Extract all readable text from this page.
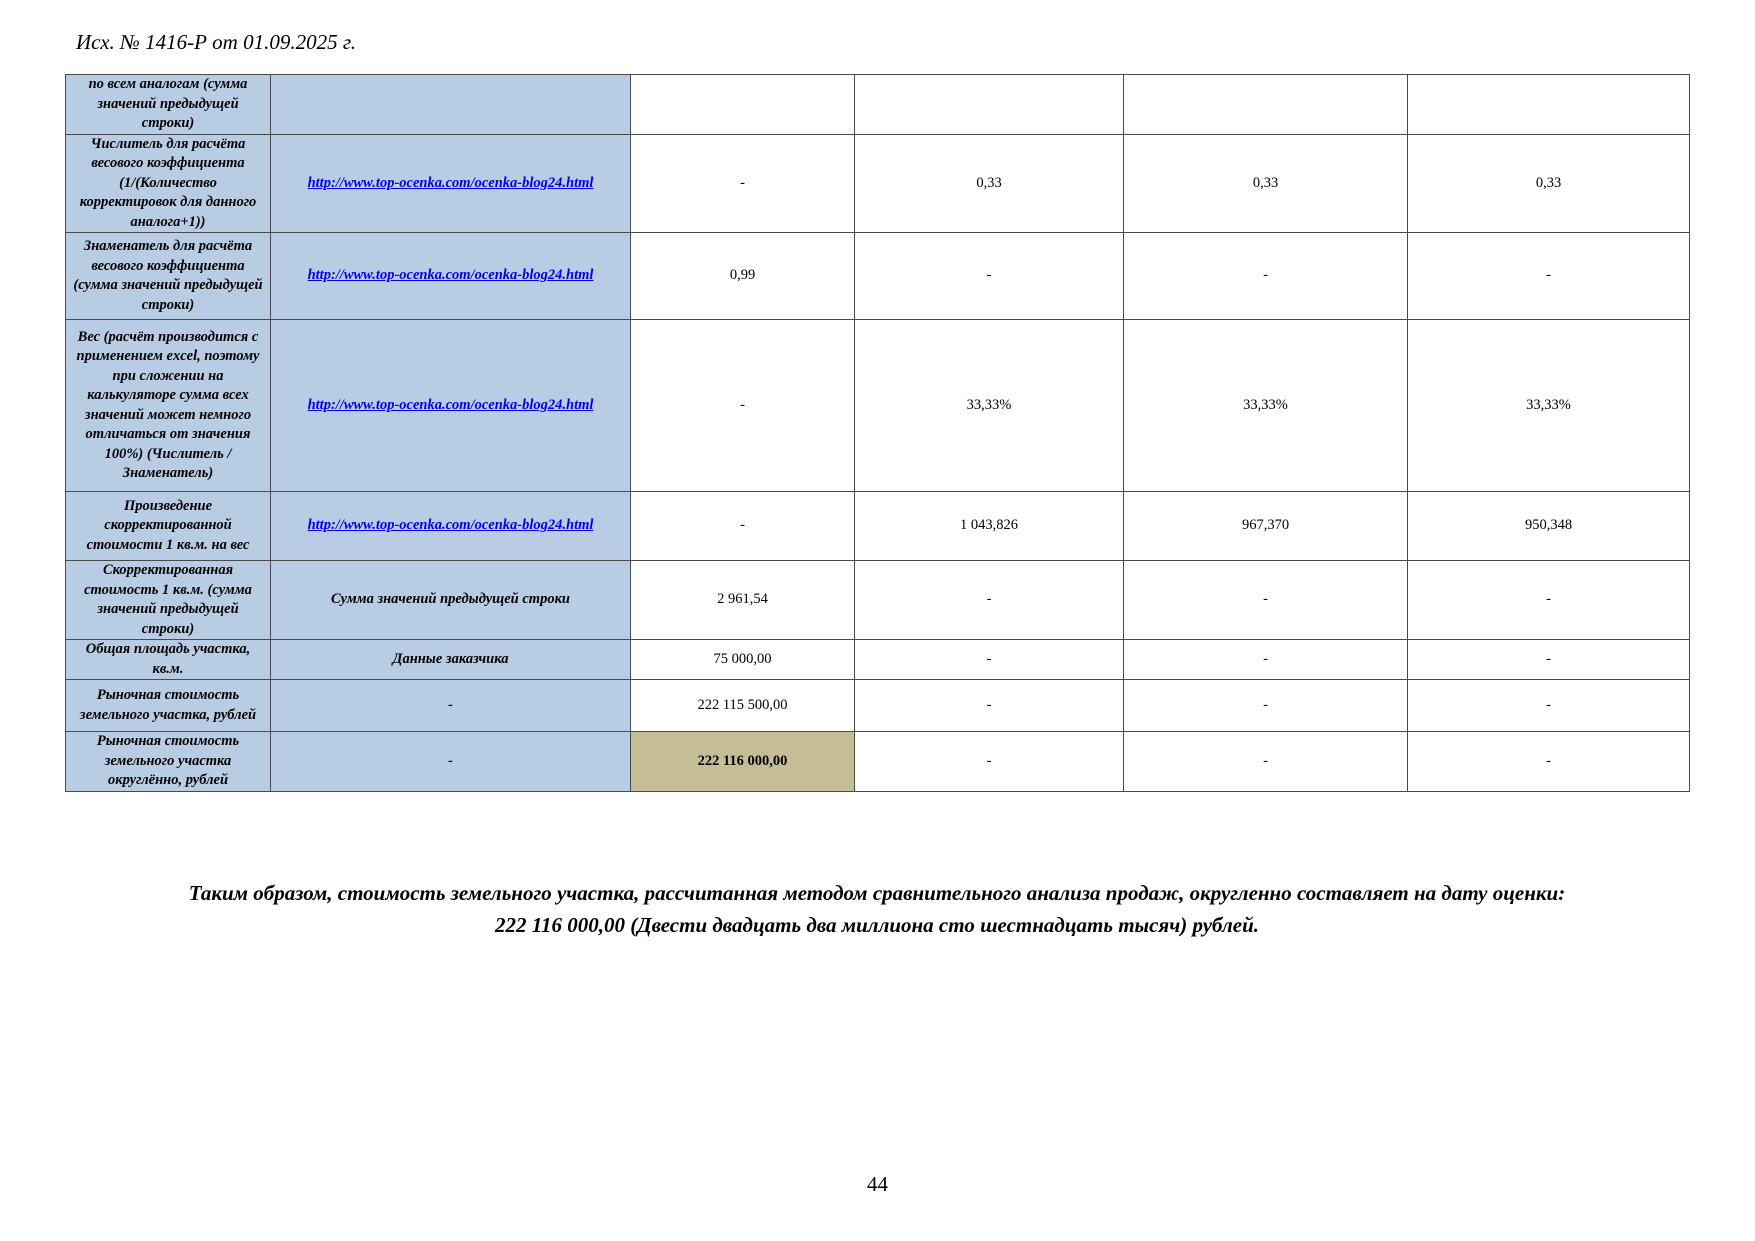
Исх. № 1416-Р от 01.09.2025 г.
по всем аналогам (сумма значений предыдущей строки)					
Числитель для расчёта весового коэффициента (1/(Количество корректировок для данного аналога+1))	http://www.top-ocenka.com/ocenka-blog24.html	-	0,33	0,33	0,33
Знаменатель для расчёта весового коэффициента (сумма значений предыдущей строки)	http://www.top-ocenka.com/ocenka-blog24.html	0,99	-	-	-
Вес (расчёт производится с применением excel, поэтому при сложении на калькуляторе сумма всех значений может немного отличаться от значения 100%) (Числитель / Знаменатель)	http://www.top-ocenka.com/ocenka-blog24.html	-	33,33%	33,33%	33,33%
Произведение скорректированной стоимости 1 кв.м. на вес	http://www.top-ocenka.com/ocenka-blog24.html	-	1 043,826	967,370	950,348
Скорректированная стоимость 1 кв.м. (сумма значений предыдущей строки)	Сумма значений предыдущей строки	2 961,54	-	-	-
Общая площадь участка, кв.м.	Данные заказчика	75 000,00	-	-	-
Рыночная стоимость земельного участка, рублей	-	222 115 500,00	-	-	-
Рыночная стоимость земельного участка округлённо, рублей	-	222 116 000,00	-	-	-
Таким образом, стоимость земельного участка, рассчитанная методом сравнительного анализа продаж, округленно составляет на дату оценки:
222 116 000,00 (Двести двадцать два миллиона сто шестнадцать тысяч) рублей.
44
